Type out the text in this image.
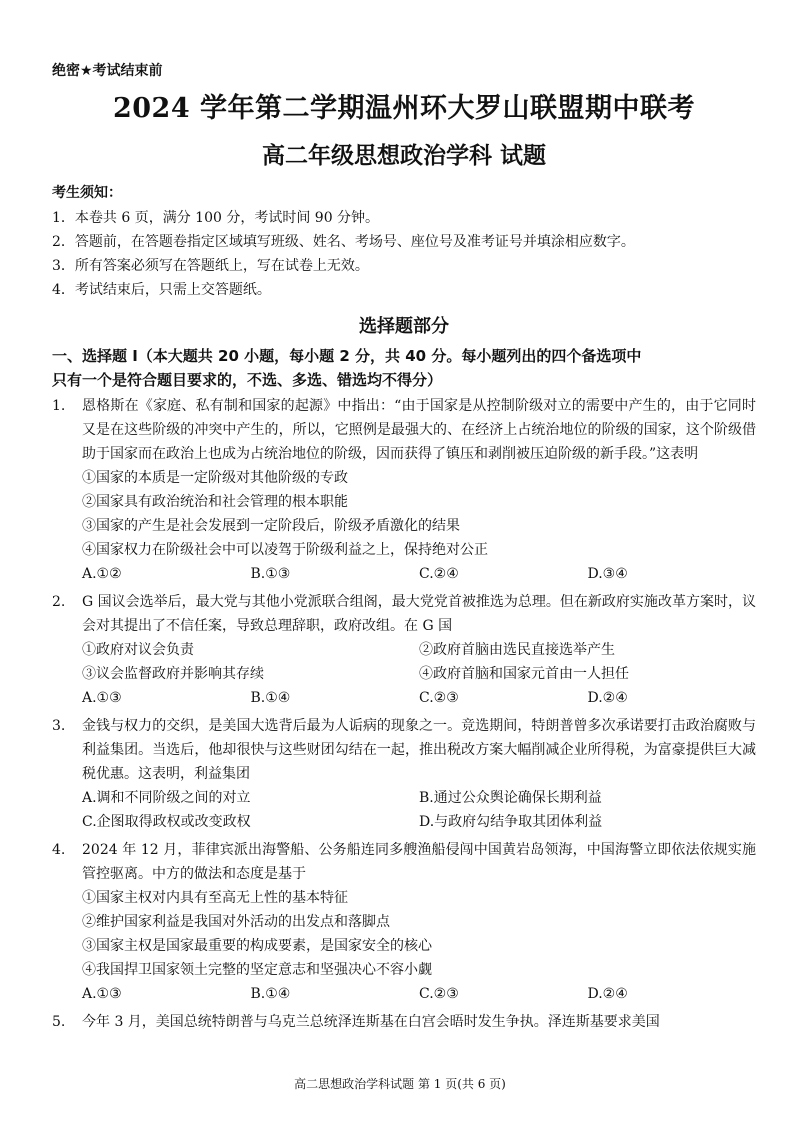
绝密★考试结束前
2024 学年第二学期温州环大罗山联盟期中联考
高二年级思想政治学科 试题
考生须知：

1．本卷共 6 页，满分 100 分，考试时间 90 分钟。

2．答题前，在答题卷指定区域填写班级、姓名、考场号、座位号及准考证号并填涂相应数字。

3．所有答案必须写在答题纸上，写在试卷上无效。

4．考试结束后，只需上交答题纸。

选择题部分
一、选择题 I（本大题共 20 小题，每小题 2 分，共 40 分。每小题列出的四个备选项中
只有一个是符合题目要求的，不选、多选、错选均不得分）
1.	恩格斯在《家庭、私有制和国家的起源》中指出：“由于国家是从控制阶级对立的需要中产生的，由于它同时又是在这些阶级的冲突中产生的，所以，它照例是最强大的、在经济上占统治地位的阶级的国家，这个阶级借助于国家而在政治上也成为占统治地位的阶级，因而获得了镇压和剥削被压迫阶级的新手段。”这表明
①国家的本质是一定阶级对其他阶级的专政
②国家具有政治统治和社会管理的根本职能
③国家的产生是社会发展到一定阶段后，阶级矛盾激化的结果
④国家权力在阶级社会中可以凌驾于阶级利益之上，保持绝对公正
A.①②	B.①③	C.②④	D.③④
2.	G 国议会选举后，最大党与其他小党派联合组阁，最大党党首被推选为总理。但在新政府实施改革方案时，议会对其提出了不信任案，导致总理辞职，政府改组。在 G 国
①政府对议会负责	②政府首脑由选民直接选举产生
③议会监督政府并影响其存续	④政府首脑和国家元首由一人担任
A.①③	B.①④	C.②③	D.②④
3.	金钱与权力的交织，是美国大选背后最为人诟病的现象之一。竞选期间，特朗普曾多次承诺要打击政治腐败与利益集团。当选后，他却很快与这些财团勾结在一起，推出税改方案大幅削减企业所得税，为富豪提供巨大减税优惠。这表明，利益集团
A.调和不同阶级之间的对立	B.通过公众舆论确保长期利益
C.企图取得政权或改变政权	D.与政府勾结争取其团体利益
4.	2024 年 12 月，菲律宾派出海警船、公务船连同多艘渔船侵闯中国黄岩岛领海，中国海警立即依法依规实施管控驱离。中方的做法和态度是基于
①国家主权对内具有至高无上性的基本特征
②维护国家利益是我国对外活动的出发点和落脚点
③国家主权是国家最重要的构成要素，是国家安全的核心
④我国捍卫国家领土完整的坚定意志和坚强决心不容小觑
A.①③	B.①④	C.②③	D.②④
5.	今年 3 月，美国总统特朗普与乌克兰总统泽连斯基在白宫会晤时发生争执。泽连斯基要求美国
高二思想政治学科试题 第 1 页(共 6 页)
